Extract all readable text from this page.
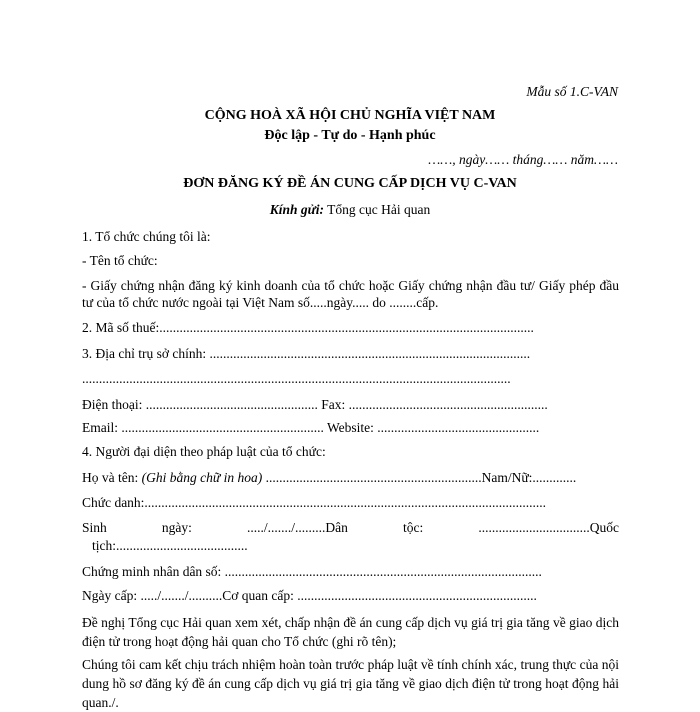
Mẫu số 1.C-VAN
CỘNG HOÀ XÃ HỘI CHỦ NGHĨA VIỆT NAM
Độc lập - Tự do - Hạnh phúc
……, ngày…… tháng…… năm……
ĐƠN ĐĂNG KÝ ĐỀ ÁN CUNG CẤP DỊCH VỤ C-VAN
Kính gửi: Tổng cục Hải quan
1. Tổ chức chúng tôi là:
- Tên tổ chức:
- Giấy chứng nhận đăng ký kinh doanh của tổ chức hoặc Giấy chứng nhận đầu tư/ Giấy phép đầu tư của tổ chức nước ngoài tại Việt Nam số.....ngày..... do ........cấp.
2. Mã số thuế:...............................................................................................................
3. Địa chỉ trụ sở chính: ...............................................................................................
...............................................................................................................................
Điện thoại: ................................................... Fax: ...........................................................
Email: ............................................................ Website: ................................................
4. Người đại diện theo pháp luật của tổ chức:
Họ và tên: (Ghi bằng chữ in hoa) ................................................................Nam/Nữ:.............
Chức danh:.......................................................................................................................
Sinh	ngày:	...../......./.........Dân	tộc:	.................................Quốc
tịch:.......................................
Chứng minh nhân dân số: ..............................................................................................
Ngày cấp: ...../......./..........Cơ quan cấp: .......................................................................
Đề nghị Tổng cục Hải quan xem xét, chấp nhận đề án cung cấp dịch vụ giá trị gia tăng về giao dịch điện tử trong hoạt động hải quan cho Tổ chức (ghi rõ tên);
Chúng tôi cam kết chịu trách nhiệm hoàn toàn trước pháp luật về tính chính xác, trung thực của nội dung hồ sơ đăng ký đề án cung cấp dịch vụ giá trị gia tăng về giao dịch điện tử trong hoạt động hải quan./.
